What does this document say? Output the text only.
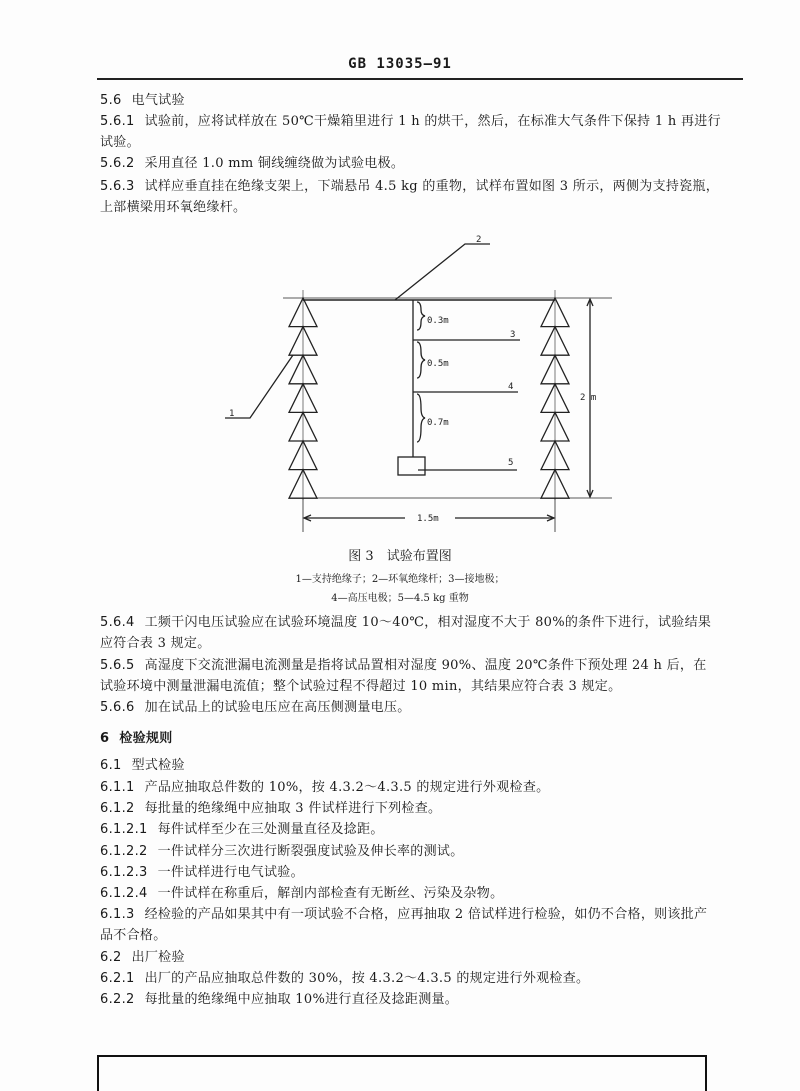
GB 13035—91
5.6 电气试验
5.6.1 试验前，应将试样放在 50℃干燥箱里进行 1 h 的烘干，然后，在标准大气条件下保持 1 h 再进行
试验。
5.6.2 采用直径 1.0 mm 铜线缠绕做为试验电极。
5.6.3 试样应垂直挂在绝缘支架上，下端悬吊 4.5 kg 的重物，试样布置如图 3 所示，两侧为支持瓷瓶，
上部横梁用环氧绝缘杆。
1
2
3
4
5
0.3m
0.5m
0.7m
2 m
1.5m
图 3　试验布置图
1—支持绝缘子；2—环氧绝缘杆；3—接地极；
4—高压电极；5—4.5 kg 重物
5.6.4 工频干闪电压试验应在试验环境温度 10～40℃，相对湿度不大于 80%的条件下进行，试验结果
应符合表 3 规定。
5.6.5 高湿度下交流泄漏电流测量是指将试品置相对湿度 90%、温度 20℃条件下预处理 24 h 后，在
试验环境中测量泄漏电流值；整个试验过程不得超过 10 min，其结果应符合表 3 规定。
5.6.6 加在试品上的试验电压应在高压侧测量电压。
6 检验规则
6.1 型式检验
6.1.1 产品应抽取总件数的 10%，按 4.3.2～4.3.5 的规定进行外观检查。
6.1.2 每批量的绝缘绳中应抽取 3 件试样进行下列检查。
6.1.2.1 每件试样至少在三处测量直径及捻距。
6.1.2.2 一件试样分三次进行断裂强度试验及伸长率的测试。
6.1.2.3 一件试样进行电气试验。
6.1.2.4 一件试样在称重后，解剖内部检查有无断丝、污染及杂物。
6.1.3 经检验的产品如果其中有一项试验不合格，应再抽取 2 倍试样进行检验，如仍不合格，则该批产
品不合格。
6.2 出厂检验
6.2.1 出厂的产品应抽取总件数的 30%，按 4.3.2～4.3.5 的规定进行外观检查。
6.2.2 每批量的绝缘绳中应抽取 10%进行直径及捻距测量。
